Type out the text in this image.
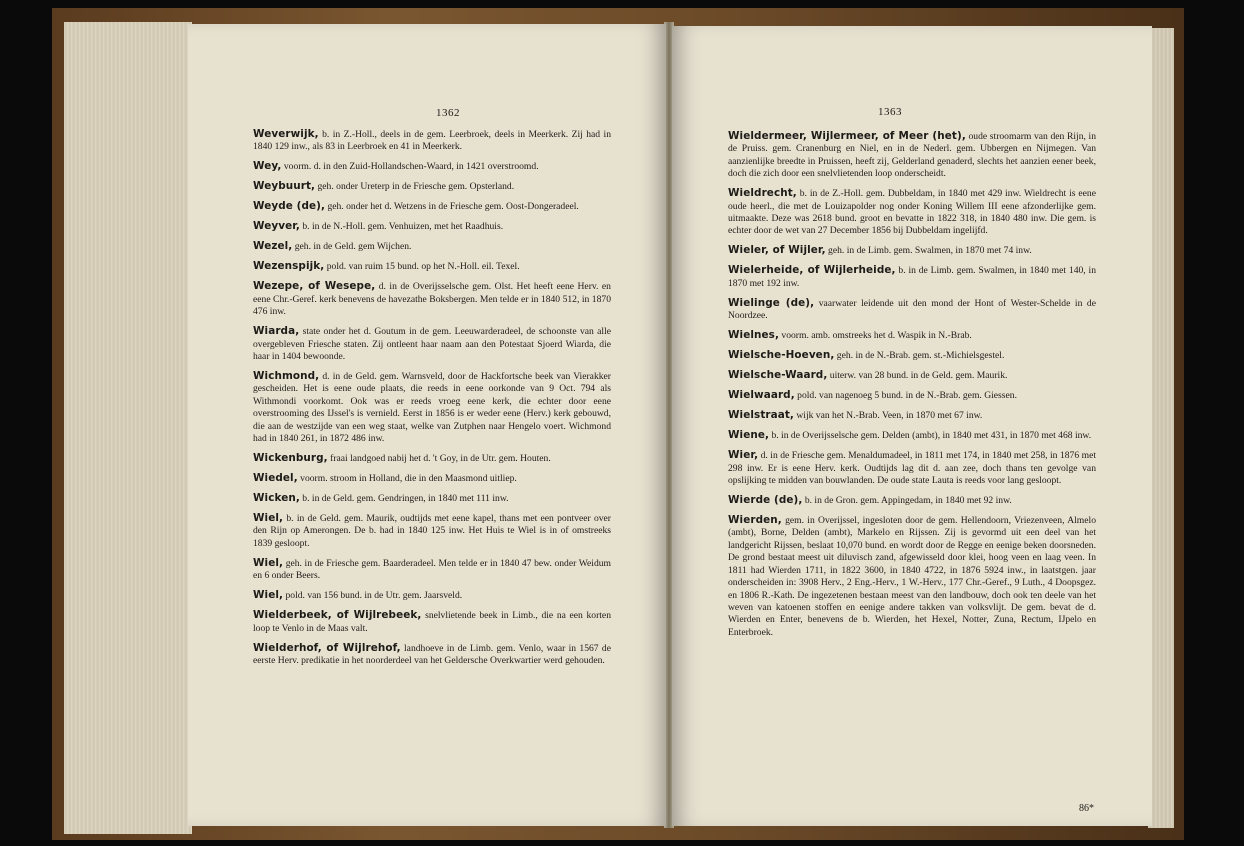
1362

Weverwijk, b. in Z.-Holl., deels in de gem. Leerbroek, deels in Meerkerk. Zij had in 1840 129 inw., als 83 in Leerbroek en 41 in Meerkerk.

Wey, voorm. d. in den Zuid-Hollandschen-Waard, in 1421 overstroomd.

Weybuurt, geh. onder Ureterp in de Friesche gem. Opsterland.

Weyde (de), geh. onder het d. Wetzens in de Friesche gem. Oost-Dongeradeel.

Weyver, b. in de N.-Holl. gem. Venhuizen, met het Raadhuis.

Wezel, geh. in de Geld. gem Wijchen.

Wezenspijk, pold. van ruim 15 bund. op het N.-Holl. eil. Texel.

Wezepe, of Wesepe, d. in de Overijsselsche gem. Olst. Het heeft eene Herv. en eene Chr.-Geref. kerk benevens de havezathe Boksbergen. Men telde er in 1840 512, in 1870 476 inw.

Wiarda, state onder het d. Goutum in de gem. Leeuwarderadeel, de schoonste van alle overgebleven Friesche staten. Zij ontleent haar naam aan den Potestaat Sjoerd Wiarda, die haar in 1404 bewoonde.

Wichmond, d. in de Geld. gem. Warnsveld, door de Hackfortsche beek van Vierakker gescheiden. Het is eene oude plaats, die reeds in eene oorkonde van 9 Oct. 794 als Withmondi voorkomt. Ook was er reeds vroeg eene kerk, die echter door eene overstrooming des IJssel's is vernield. Eerst in 1856 is er weder eene (Herv.) kerk gebouwd, die aan de westzijde van een weg staat, welke van Zutphen naar Hengelo voert. Wichmond had in 1840 261, in 1872 486 inw.

Wickenburg, fraai landgoed nabij het d. 't Goy, in de Utr. gem. Houten.

Wiedel, voorm. stroom in Holland, die in den Maasmond uitliep.

Wicken, b. in de Geld. gem. Gendringen, in 1840 met 111 inw.

Wiel, b. in de Geld. gem. Maurik, oudtijds met eene kapel, thans met een pontveer over den Rijn op Amerongen. De b. had in 1840 125 inw. Het Huis te Wiel is in of omstreeks 1839 gesloopt.

Wiel, geh. in de Friesche gem. Baarderadeel. Men telde er in 1840 47 bew. onder Weidum en 6 onder Beers.

Wiel, pold. van 156 bund. in de Utr. gem. Jaarsveld.

Wielderbeek, of Wijlrebeek, snelvlietende beek in Limb., die na een korten loop te Venlo in de Maas valt.

Wielderhof, of Wijlrehof, landhoeve in de Limb. gem. Venlo, waar in 1567 de eerste Herv. predikatie in het noorderdeel van het Geldersche Overkwartier werd gehouden.

1363

Wieldermeer, Wijlermeer, of Meer (het), oude stroomarm van den Rijn, in de Pruiss. gem. Cranenburg en Niel, en in de Nederl. gem. Ubbergen en Nijmegen. Van aanzienlijke breedte in Pruissen, heeft zij, Gelderland genaderd, slechts het aanzien eener beek, doch die zich door een snelvlietenden loop onderscheidt.

Wieldrecht, b. in de Z.-Holl. gem. Dubbeldam, in 1840 met 429 inw. Wieldrecht is eene oude heerl., die met de Louizapolder nog onder Koning Willem III eene afzonderlijke gem. uitmaakte. Deze was 2618 bund. groot en bevatte in 1822 318, in 1840 480 inw. Die gem. is echter door de wet van 27 December 1856 bij Dubbeldam ingelijfd.

Wieler, of Wijler, geh. in de Limb. gem. Swalmen, in 1870 met 74 inw.

Wielerheide, of Wijlerheide, b. in de Limb. gem. Swalmen, in 1840 met 140, in 1870 met 192 inw.

Wielinge (de), vaarwater leidende uit den mond der Hont of Wester-Schelde in de Noordzee.

Wielnes, voorm. amb. omstreeks het d. Waspik in N.-Brab.

Wielsche-Hoeven, geh. in de N.-Brab. gem. st.-Michielsgestel.

Wielsche-Waard, uiterw. van 28 bund. in de Geld. gem. Maurik.

Wielwaard, pold. van nagenoeg 5 bund. in de N.-Brab. gem. Giessen.

Wielstraat, wijk van het N.-Brab. Veen, in 1870 met 67 inw.

Wiene, b. in de Overijsselsche gem. Delden (ambt), in 1840 met 431, in 1870 met 468 inw.

Wier, d. in de Friesche gem. Menaldumadeel, in 1811 met 174, in 1840 met 258, in 1876 met 298 inw. Er is eene Herv. kerk. Oudtijds lag dit d. aan zee, doch thans ten gevolge van opslijking te midden van bouwlanden. De oude state Lauta is reeds voor lang gesloopt.

Wierde (de), b. in de Gron. gem. Appingedam, in 1840 met 92 inw.

Wierden, gem. in Overijssel, ingesloten door de gem. Hellendoorn, Vriezenveen, Almelo (ambt), Borne, Delden (ambt), Markelo en Rijssen. Zij is gevormd uit een deel van het landgericht Rijssen, beslaat 10,070 bund. en wordt door de Regge en eenige beken doorsneden. De grond bestaat meest uit diluvisch zand, afgewisseld door klei, hoog veen en laag veen. In 1811 had Wierden 1711, in 1822 3600, in 1840 4722, in 1876 5924 inw., in laatstgen. jaar onderscheiden in: 3908 Herv., 2 Eng.-Herv., 1 W.-Herv., 177 Chr.-Geref., 9 Luth., 4 Doopsgez. en 1806 R.-Kath. De ingezetenen bestaan meest van den landbouw, doch ook ten deele van het weven van katoenen stoffen en eenige andere takken van volksvlijt. De gem. bevat de d. Wierden en Enter, benevens de b. Wierden, het Hexel, Notter, Zuna, Rectum, IJpelo en Enterbroek.

86*
